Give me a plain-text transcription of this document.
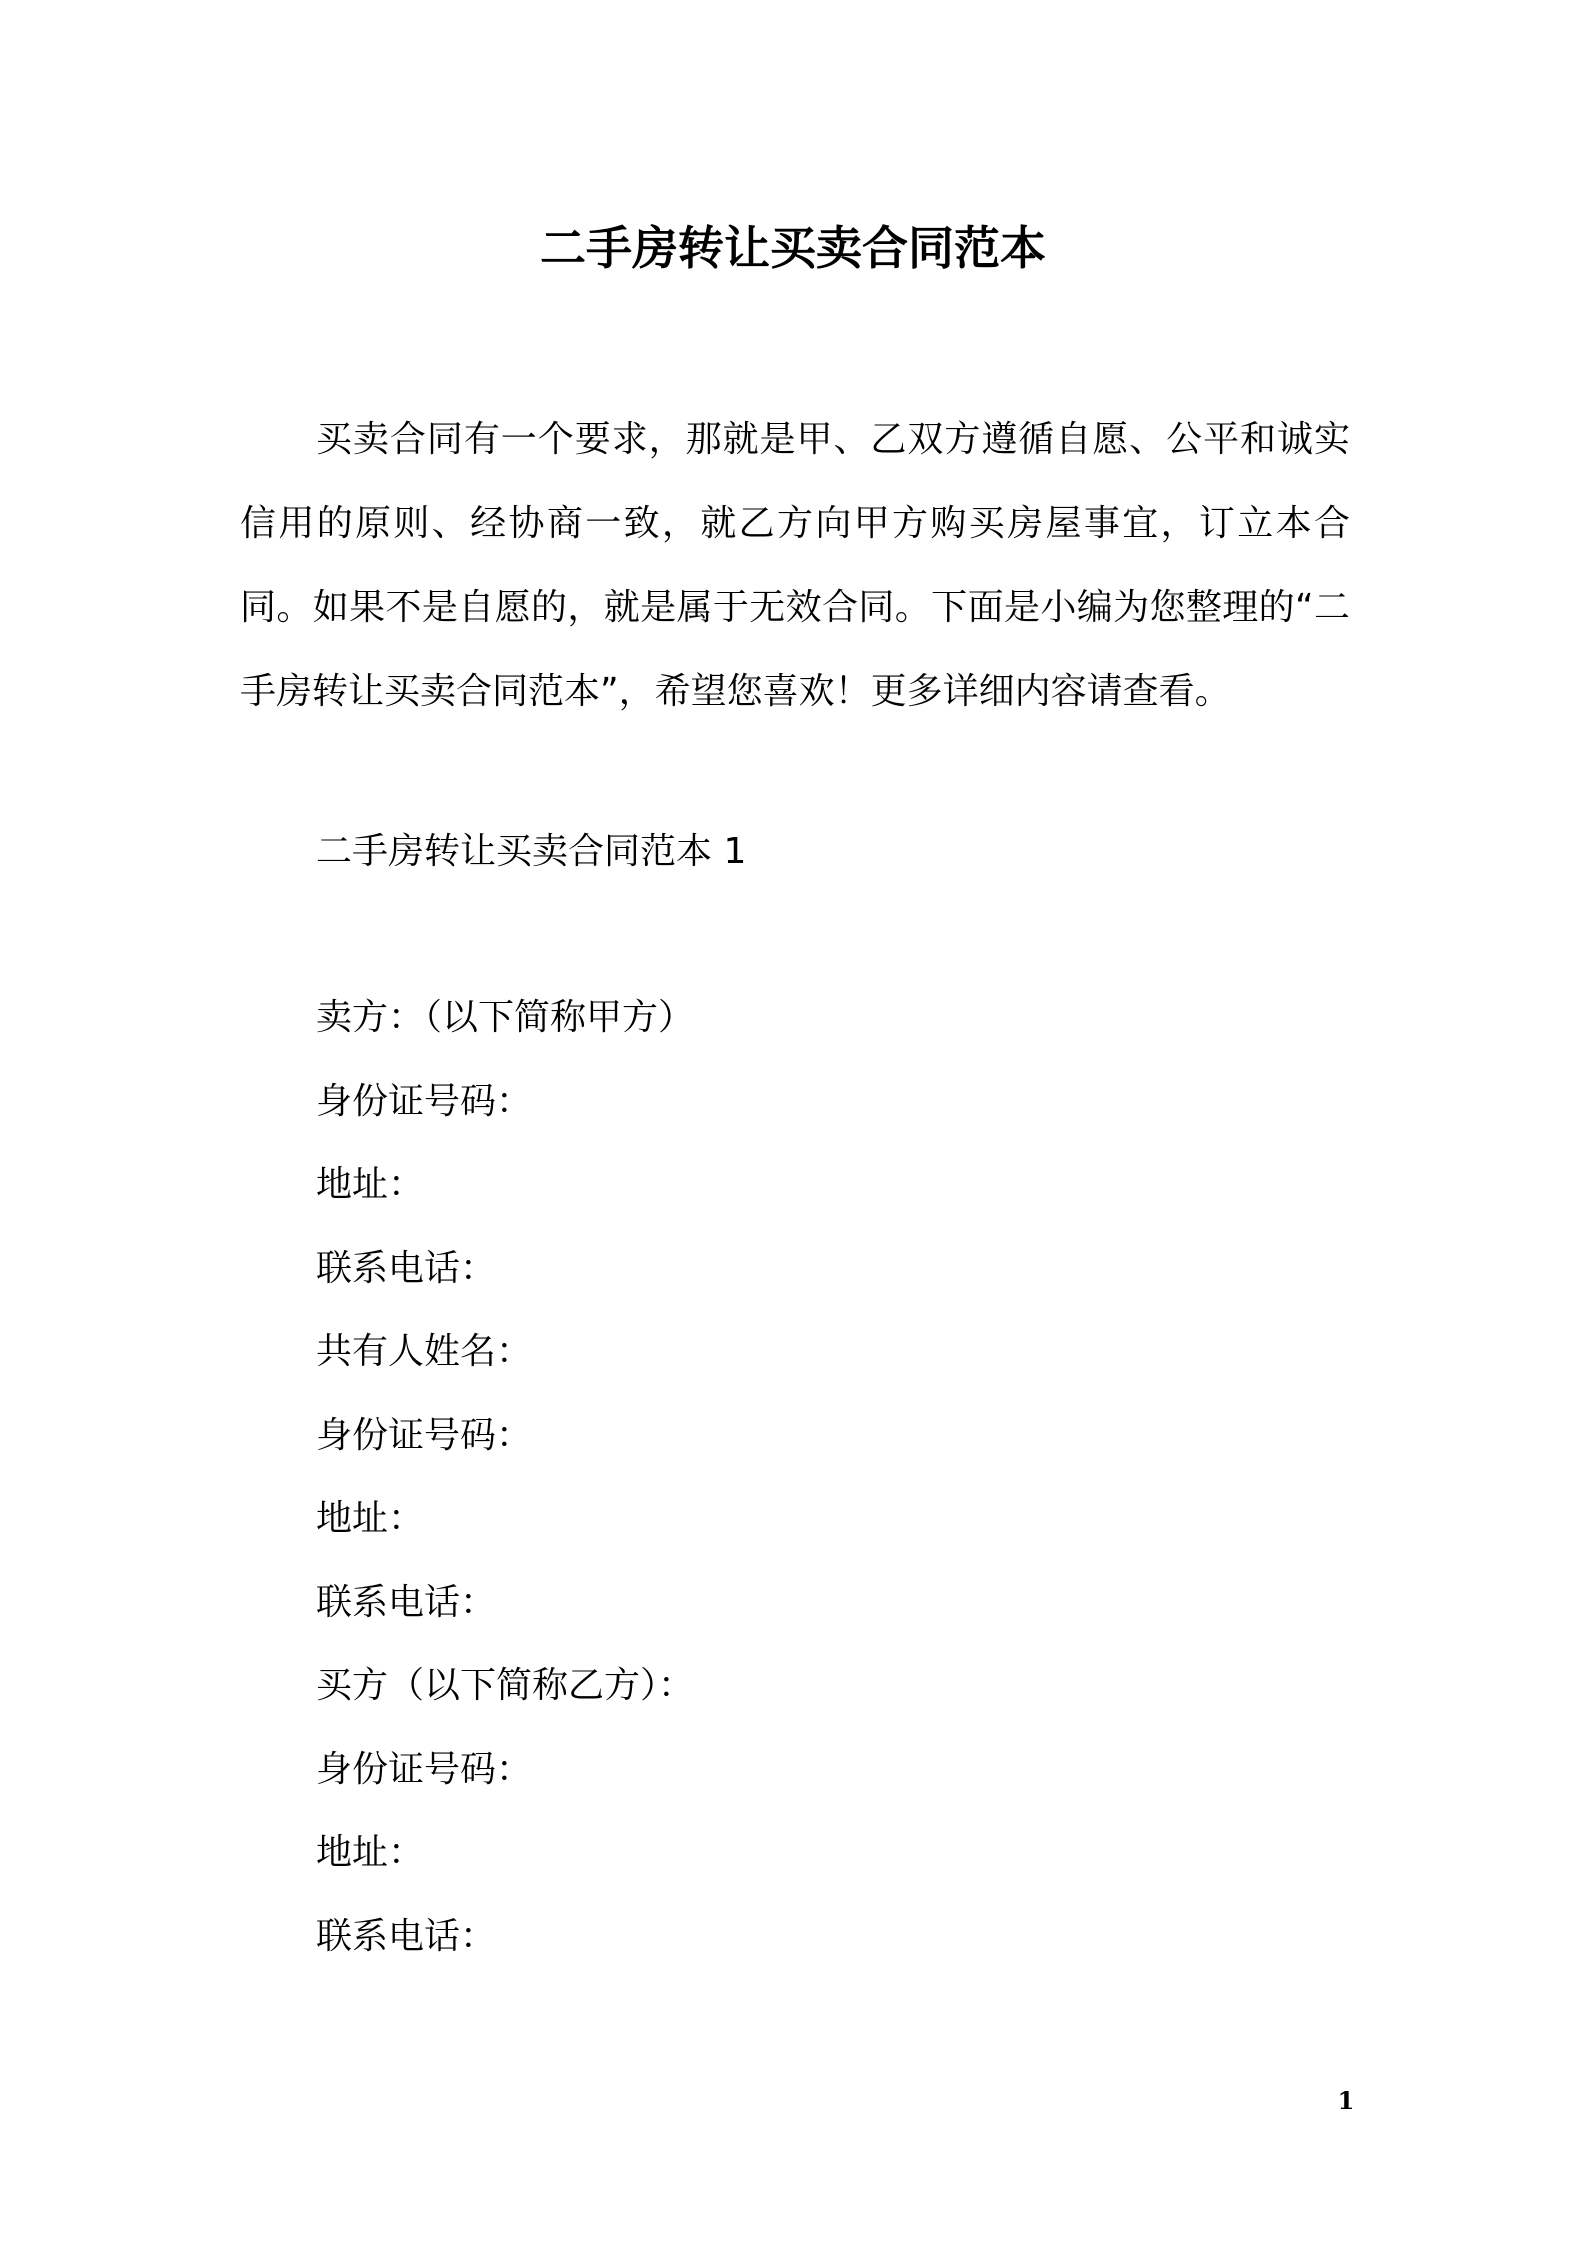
二手房转让买卖合同范本

买卖合同有一个要求，那就是甲、乙双方遵循自愿、公平和诚实信用的原则、经协商一致，就乙方向甲方购买房屋事宜，订立本合同。如果不是自愿的，就是属于无效合同。下面是小编为您整理的“二手房转让买卖合同范本”，希望您喜欢！更多详细内容请查看。

二手房转让买卖合同范本 1

卖方：（以下简称甲方）
身份证号码：
地址：
联系电话：
共有人姓名：
身份证号码：
地址：
联系电话：
买方（以下简称乙方）：
身份证号码：
地址：
联系电话：
1
